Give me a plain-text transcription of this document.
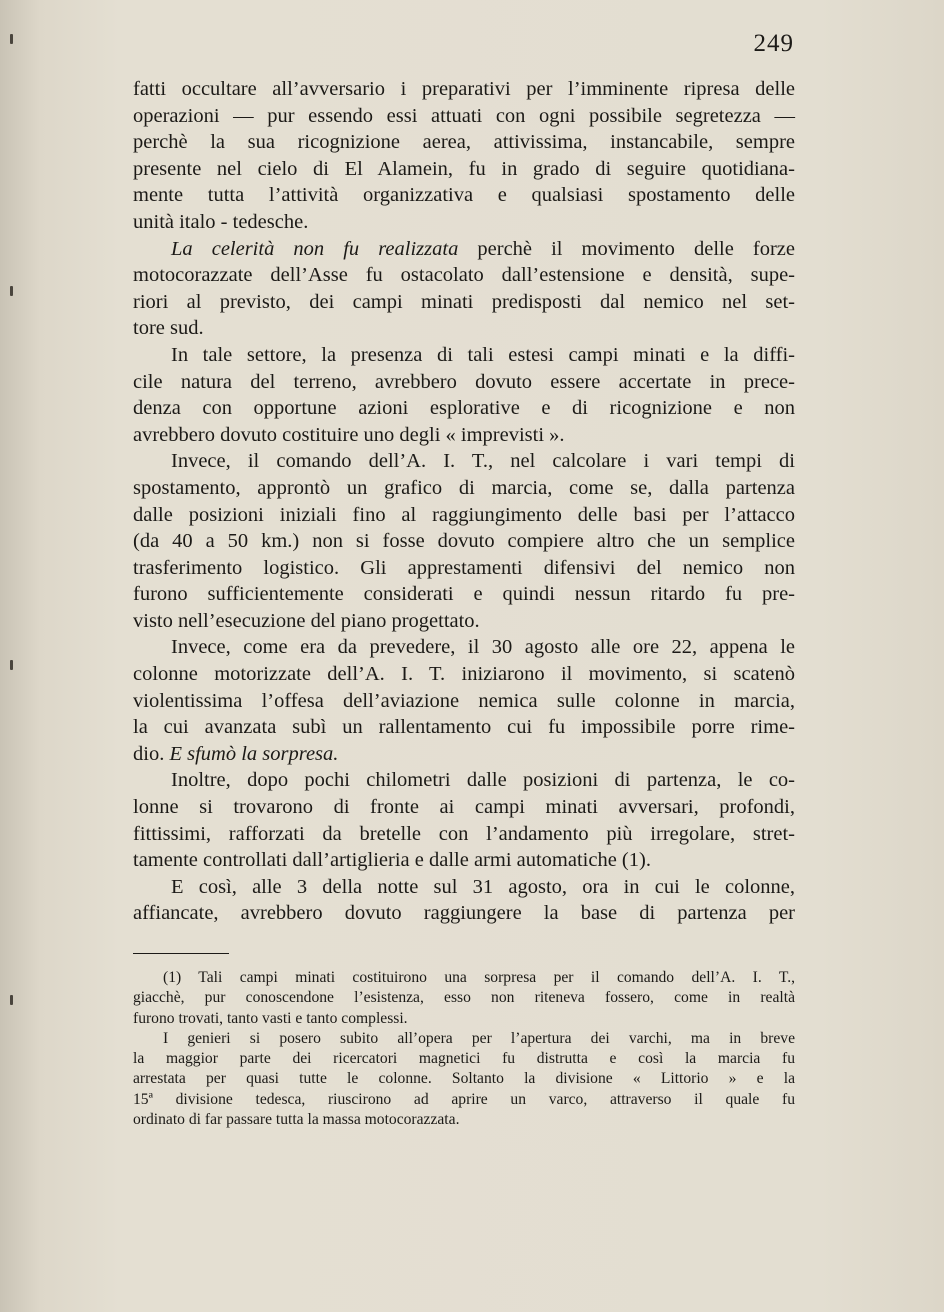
249
fatti occultare all’avversario i preparativi per l’imminente ripresa delle
operazioni — pur essendo essi attuati con ogni possibile segretezza —
perchè la sua ricognizione aerea, attivissima, instancabile, sempre
presente nel cielo di El Alamein, fu in grado di seguire quotidiana-
mente tutta l’attività organizzativa e qualsiasi spostamento delle
unità italo - tedesche.
La celerità non fu realizzata perchè il movimento delle forze
motocorazzate dell’Asse fu ostacolato dall’estensione e densità, supe-
riori al previsto, dei campi minati predisposti dal nemico nel set-
tore sud.
In tale settore, la presenza di tali estesi campi minati e la diffi-
cile natura del terreno, avrebbero dovuto essere accertate in prece-
denza con opportune azioni esplorative e di ricognizione e non
avrebbero dovuto costituire uno degli « imprevisti ».
Invece, il comando dell’A. I. T., nel calcolare i vari tempi di
spostamento, approntò un grafico di marcia, come se, dalla partenza
dalle posizioni iniziali fino al raggiungimento delle basi per l’attacco
(da 40 a 50 km.) non si fosse dovuto compiere altro che un semplice
trasferimento logistico. Gli apprestamenti difensivi del nemico non
furono sufficientemente considerati e quindi nessun ritardo fu pre-
visto nell’esecuzione del piano progettato.
Invece, come era da prevedere, il 30 agosto alle ore 22, appena le
colonne motorizzate dell’A. I. T. iniziarono il movimento, si scatenò
violentissima l’offesa dell’aviazione nemica sulle colonne in marcia,
la cui avanzata subì un rallentamento cui fu impossibile porre rime-
dio. E sfumò la sorpresa.
Inoltre, dopo pochi chilometri dalle posizioni di partenza, le co-
lonne si trovarono di fronte ai campi minati avversari, profondi,
fittissimi, rafforzati da bretelle con l’andamento più irregolare, stret-
tamente controllati dall’artiglieria e dalle armi automatiche (1).
E così, alle 3 della notte sul 31 agosto, ora in cui le colonne,
affiancate, avrebbero dovuto raggiungere la base di partenza per
(1) Tali campi minati costituirono una sorpresa per il comando dell’A. I. T.,
giacchè, pur conoscendone l’esistenza, esso non riteneva fossero, come in realtà
furono trovati, tanto vasti e tanto complessi.
I genieri si posero subito all’opera per l’apertura dei varchi, ma in breve
la maggior parte dei ricercatori magnetici fu distrutta e così la marcia fu
arrestata per quasi tutte le colonne. Soltanto la divisione « Littorio » e la
15ª divisione tedesca, riuscirono ad aprire un varco, attraverso il quale fu
ordinato di far passare tutta la massa motocorazzata.
